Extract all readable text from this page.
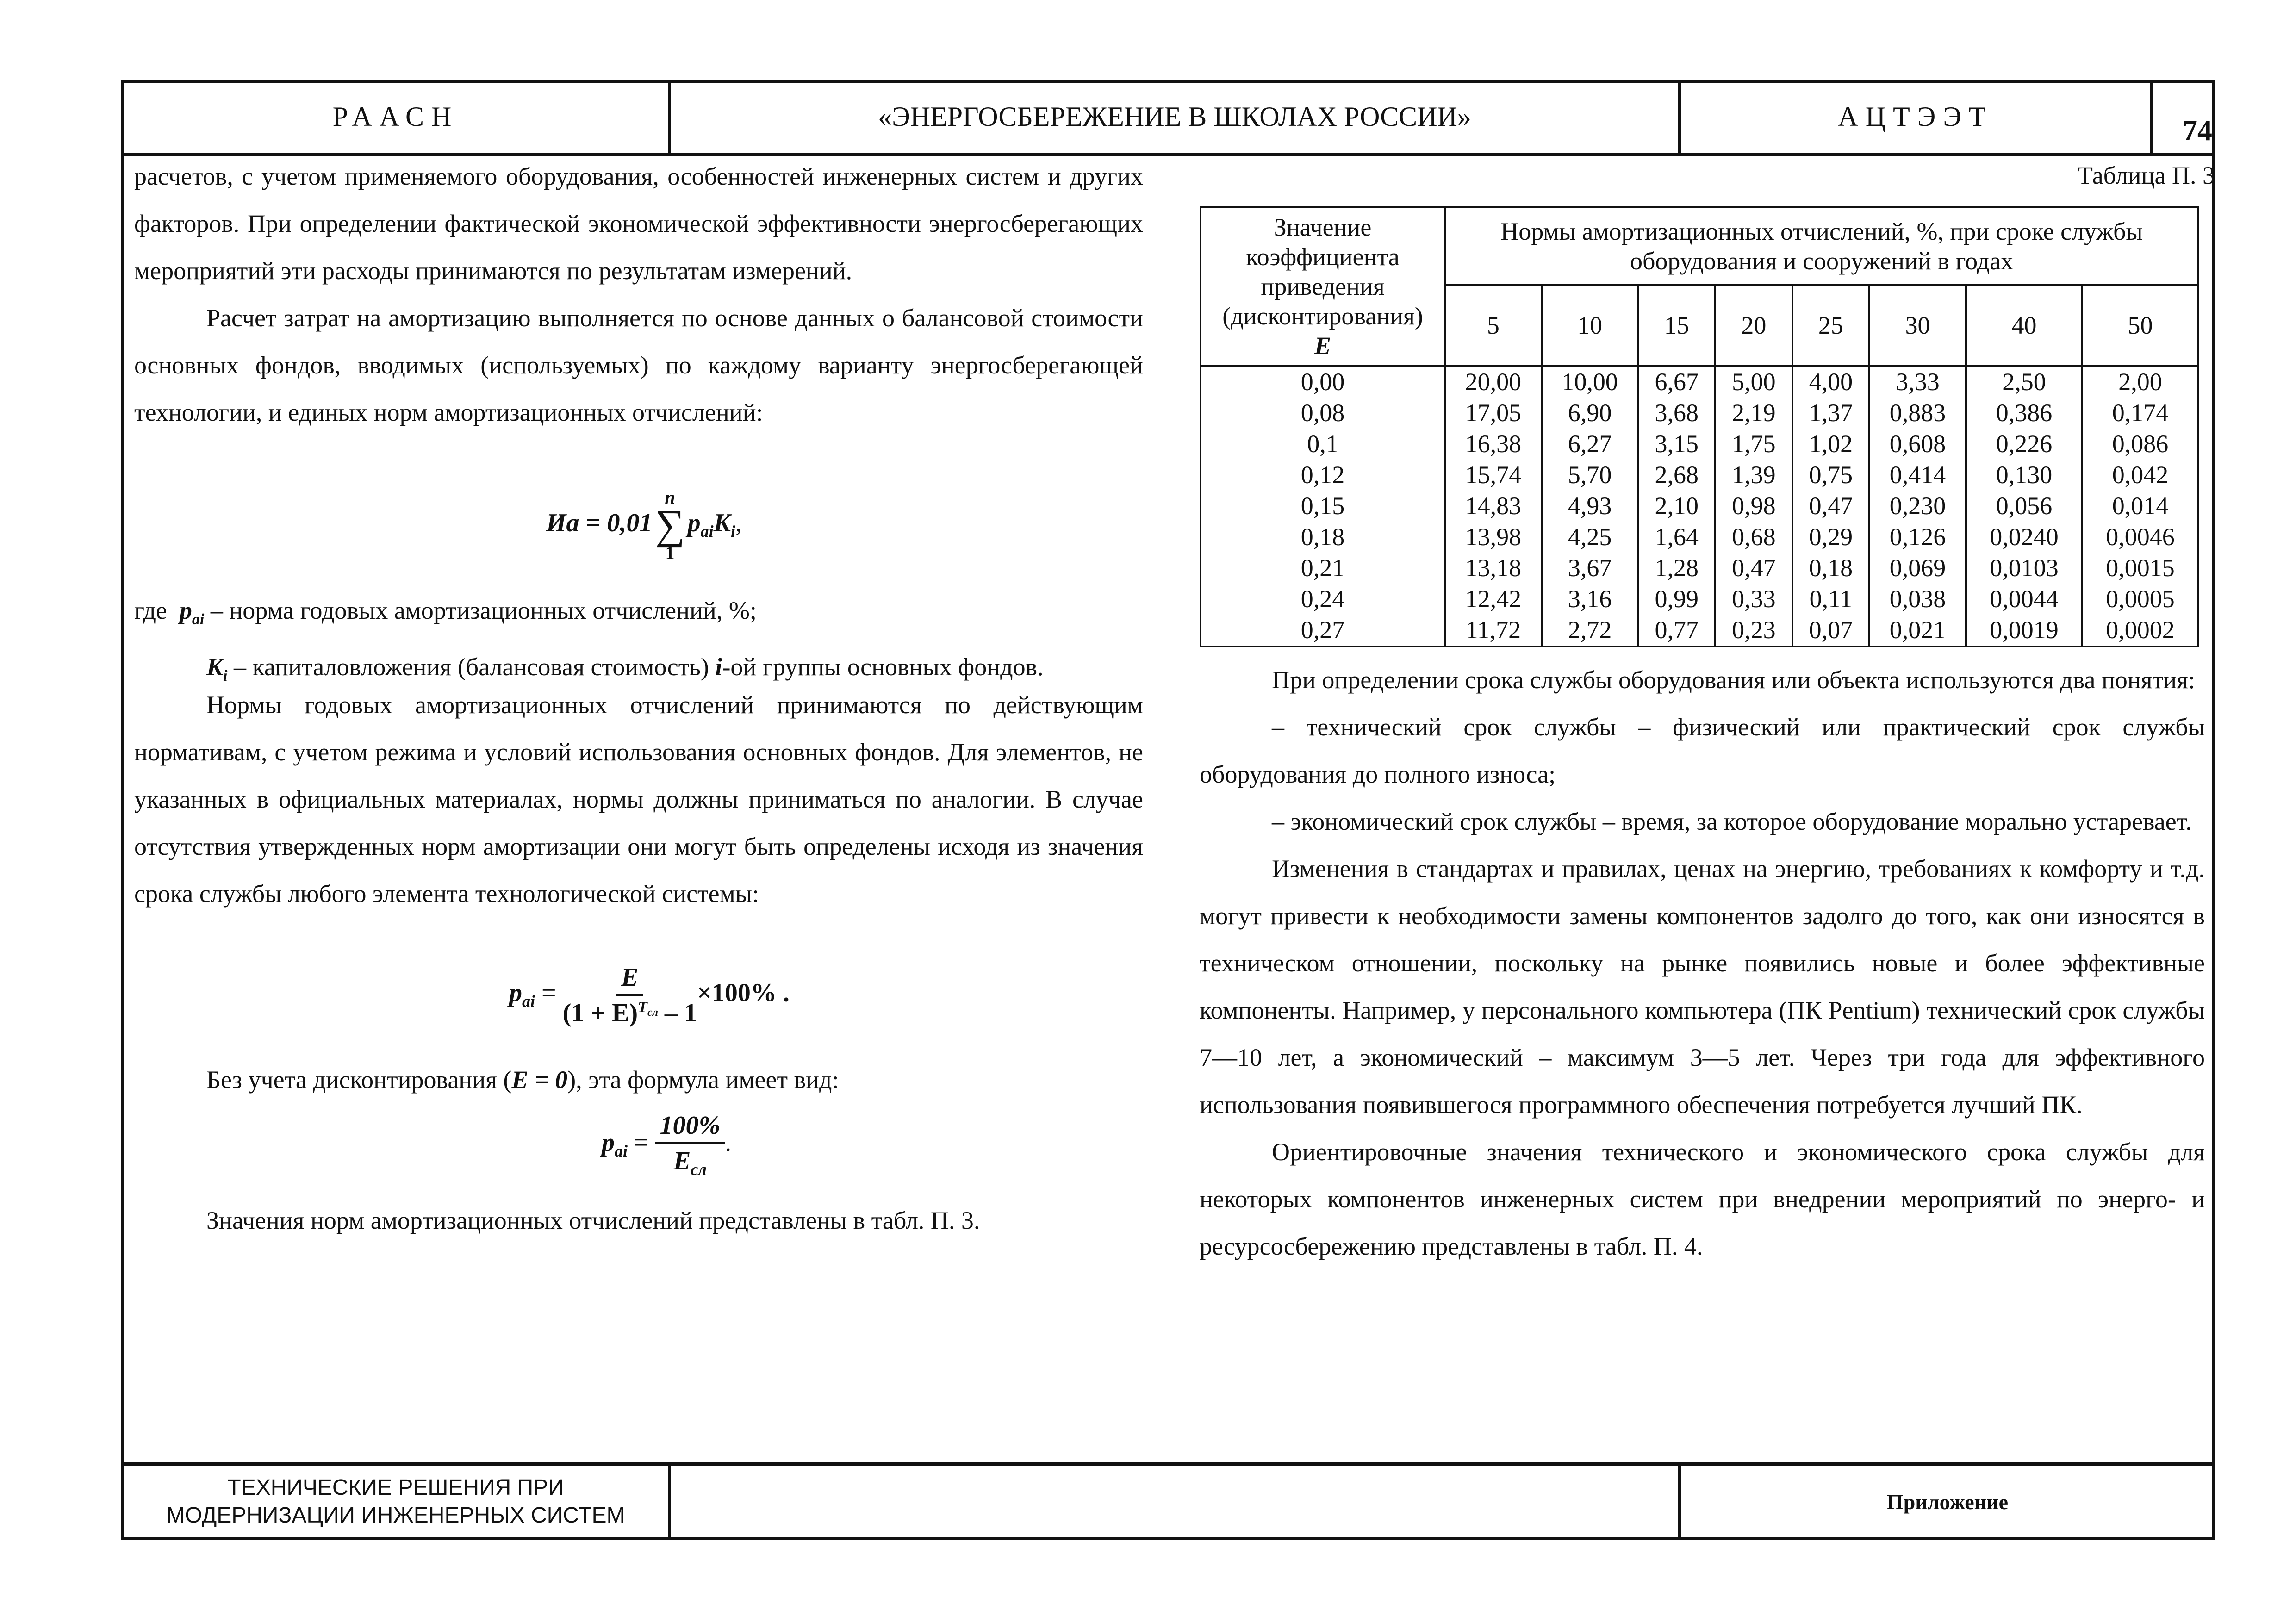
РААСН	«ЭНЕРГОСБЕРЕЖЕНИЕ В ШКОЛАХ РОССИИ»	АЦТЭЭТ	74
ТЕХНИЧЕСКИЕ РЕШЕНИЯ ПРИ
МОДЕРНИЗАЦИИ ИНЖЕНЕРНЫХ СИСТЕМ
Приложение

расчетов, с учетом применяемого оборудования, особенностей инженерных систем и других факторов. При определении фактической экономической эффективности энергосберегающих мероприятий эти расходы принимаются по результатам измерений.

Расчет затрат на амортизацию выполняется по основе данных о балансовой стоимости основных фондов, вводимых (используемых) по каждому варианту энергосберегающей технологии, и единых норм амортизационных отчислений:

Иа = 0,01
n
∑
1
$p_{ai}K_i$,

где $p_{ai}$ – норма годовых амортизационных отчислений, %;

$K_i$ – капиталовложения (балансовая стоимость) i-ой группы основных фондов.

Нормы годовых амортизационных отчислений принимаются по действующим нормативам, с учетом режима и условий использования основных фондов. Для элементов, не указанных в официальных материалах, нормы должны приниматься по аналогии. В случае отсутствия утвержденных норм амортизации они могут быть определены исходя из значения срока службы любого элемента технологической системы:

$p_{ai} = \frac{E}{(1 + E)^{T_{сл}} - 1} \times 100\%$ .

Без учета дисконтирования (E = 0), эта формула имеет вид:

$p_{ai} = \frac{100\%}{E_{сл}}$ .

Значения норм амортизационных отчислений представлены в табл. П. 3.

Таблица П. 3
Значение коэффициента приведения (дисконтирования)
E	Нормы амортизационных отчислений, %, при сроке службы оборудования и сооружений в годах							
	5	10	15	20	25	30	40	50
0,00	20,00	10,00	6,67	5,00	4,00	3,33	2,50	2,00
0,08	17,05	6,90	3,68	2,19	1,37	0,883	0,386	0,174
0,1	16,38	6,27	3,15	1,75	1,02	0,608	0,226	0,086
0,12	15,74	5,70	2,68	1,39	0,75	0,414	0,130	0,042
0,15	14,83	4,93	2,10	0,98	0,47	0,230	0,056	0,014
0,18	13,98	4,25	1,64	0,68	0,29	0,126	0,0240	0,0046
0,21	13,18	3,67	1,28	0,47	0,18	0,069	0,0103	0,0015
0,24	12,42	3,16	0,99	0,33	0,11	0,038	0,0044	0,0005
0,27	11,72	2,72	0,77	0,23	0,07	0,021	0,0019	0,0002

При определении срока службы оборудования или объекта используются два понятия:

– технический срок службы – физический или практический срок службы оборудования до полного износа;

– экономический срок службы – время, за которое оборудование морально устаревает.

Изменения в стандартах и правилах, ценах на энергию, требованиях к комфорту и т.д. могут привести к необходимости замены компонентов задолго до того, как они износятся в техническом отношении, поскольку на рынке появились новые и более эффективные компоненты. Например, у персонального компьютера (ПК Pentium) технический срок службы 7—10 лет, а экономический – максимум 3—5 лет. Через три года для эффективного использования появившегося программного обеспечения потребуется лучший ПК.

Ориентировочные значения технического и экономического срока службы для некоторых компонентов инженерных систем при внедрении мероприятий по энерго- и ресурсосбережению представлены в табл. П. 4.
